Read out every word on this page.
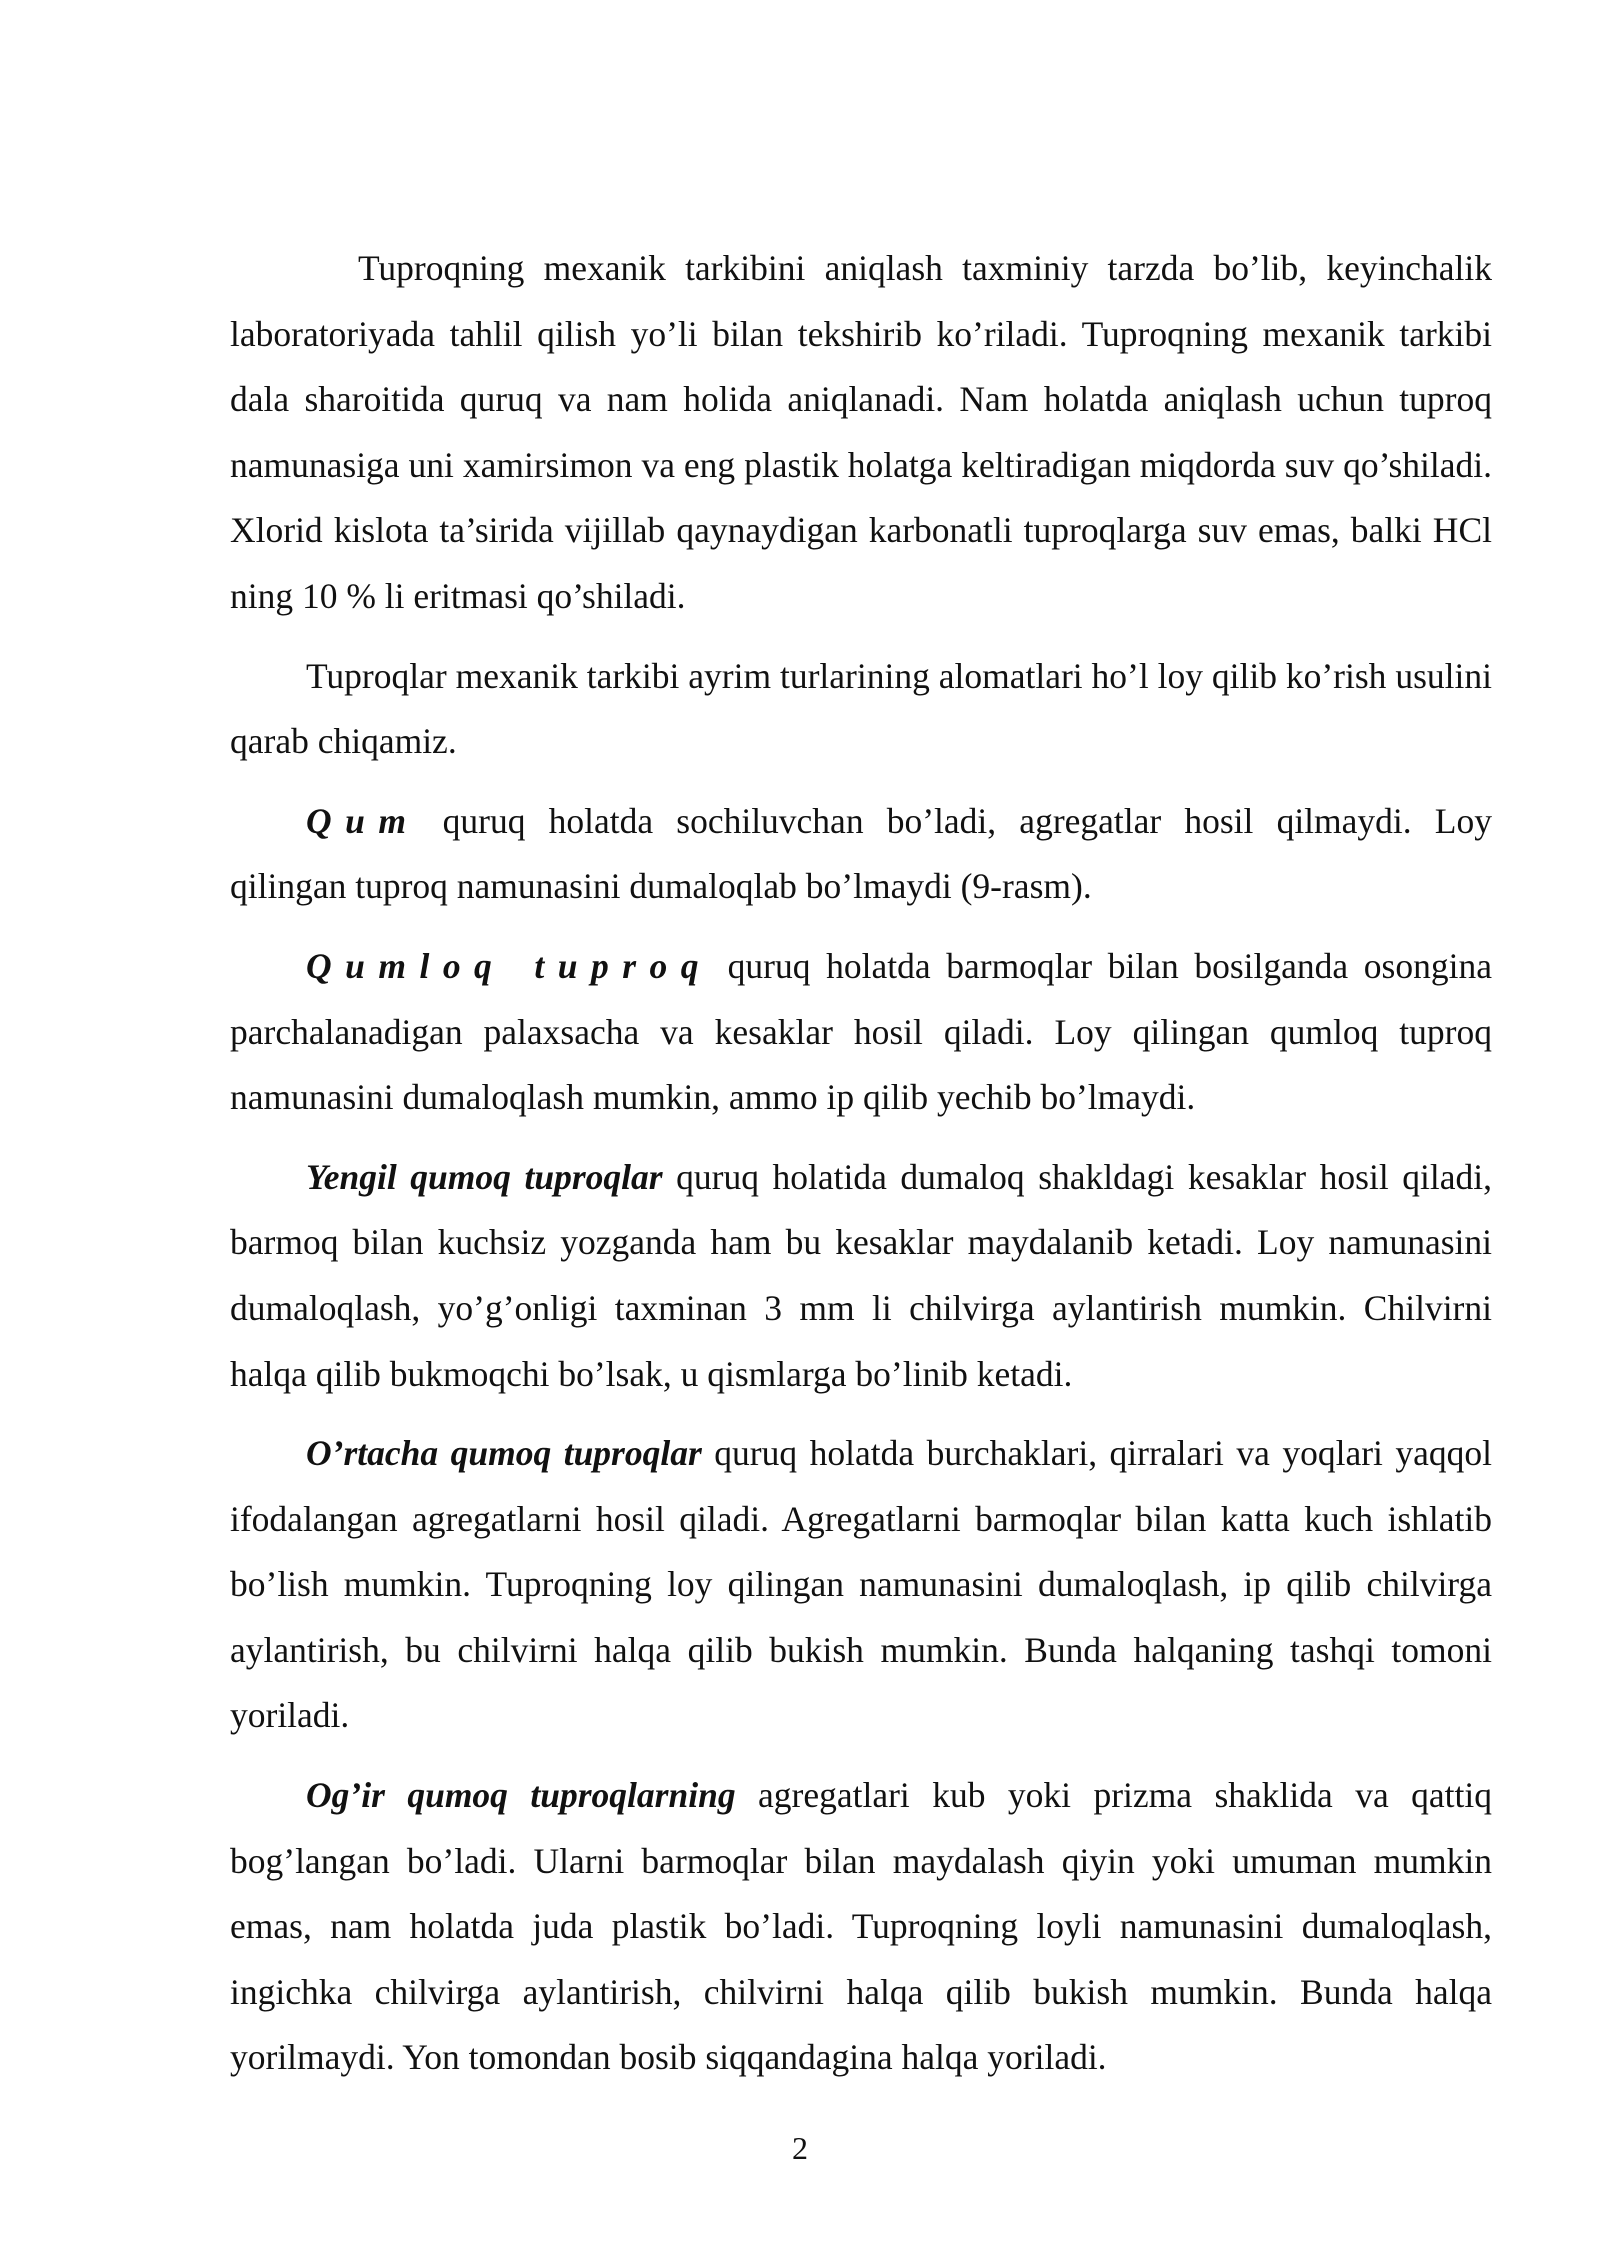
Tuproqning mexanik tarkibini aniqlash taxminiy tarzda bo’lib, keyinchalik laboratoriyada tahlil qilish yo’li bilan tekshirib ko’riladi. Tuproqning mexanik tarkibi dala sharoitida quruq va nam holida aniqlanadi. Nam holatda aniqlash uchun tuproq namunasiga uni xamirsimon va eng plastik holatga keltiradigan miqdorda suv qo’shiladi. Xlorid kislota ta’sirida vijillab qaynaydigan karbonatli tuproqlarga suv emas, balki HCl ning 10 % li eritmasi qo’shiladi.

Tuproqlar mexanik tarkibi ayrim turlarining alomatlari ho’l loy qilib ko’rish usulini qarab chiqamiz.

Qum quruq holatda sochiluvchan bo’ladi, agregatlar hosil qilmaydi. Loy qilingan tuproq namunasini dumaloqlab bo’lmaydi (9-rasm).

Qumloq tuproq quruq holatda barmoqlar bilan bosilganda osongina parchalanadigan palaxsacha va kesaklar hosil qiladi. Loy qilingan qumloq tuproq namunasini dumaloqlash mumkin, ammo ip qilib yechib bo’lmaydi.

Yengil qumoq tuproqlar quruq holatida dumaloq shakldagi kesaklar hosil qiladi, barmoq bilan kuchsiz yozganda ham bu kesaklar maydalanib ketadi. Loy namunasini dumaloqlash, yo’g’onligi taxminan 3 mm li chilvirga aylantirish mumkin. Chilvirni halqa qilib bukmoqchi bo’lsak, u qismlarga bo’linib ketadi.

O’rtacha qumoq tuproqlar quruq holatda burchaklari, qirralari va yoqlari yaqqol ifodalangan agregatlarni hosil qiladi. Agregatlarni barmoqlar bilan katta kuch ishlatib bo’lish mumkin. Tuproqning loy qilingan namunasini dumaloqlash, ip qilib chilvirga aylantirish, bu chilvirni halqa qilib bukish mumkin. Bunda halqaning tashqi tomoni yoriladi.

Og’ir qumoq tuproqlarning agregatlari kub yoki prizma shaklida va qattiq bog’langan bo’ladi. Ularni barmoqlar bilan maydalash qiyin yoki umuman mumkin emas, nam holatda juda plastik bo’ladi. Tuproqning loyli namunasini dumaloqlash, ingichka chilvirga aylantirish, chilvirni halqa qilib bukish mumkin. Bunda halqa yorilmaydi. Yon tomondan bosib siqqandagina halqa yoriladi.

2
